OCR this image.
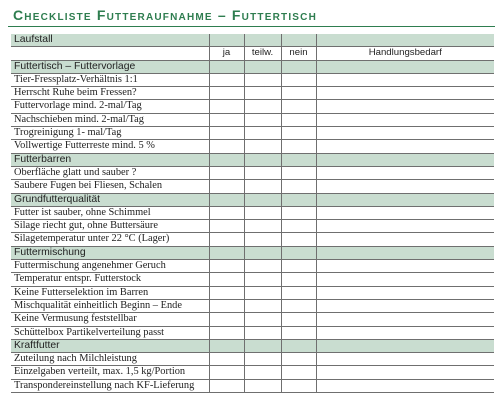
Checkliste Futteraufnahme – Futtertisch
Laufstall				
	ja	teilw.	nein	Handlungsbedarf
Futtertisch – Futtervorlage				
Tier-Fressplatz-Verhältnis 1:1				
Herrscht Ruhe beim Fressen?				
Futtervorlage mind. 2-mal/Tag				
Nachschieben mind. 2-mal/Tag				
Trogreinigung 1- mal/Tag				
Vollwertige Futterreste mind. 5 %				
Futterbarren				
Oberfläche glatt und sauber ?				
Saubere Fugen bei Fliesen, Schalen				
Grundfutterqualität				
Futter ist sauber, ohne Schimmel				
Silage riecht gut, ohne Buttersäure				
Silagetemperatur unter 22 °C (Lager)				
Futtermischung				
Futtermischung angenehmer Geruch				
Temperatur entspr. Futterstock				
Keine Futterselektion im Barren				
Mischqualität einheitlich Beginn – Ende				
Keine Vermusung feststellbar				
Schüttelbox Partikelverteilung passt				
Kraftfutter				
Zuteilung nach Milchleistung				
Einzelgaben verteilt, max. 1,5 kg/Portion				
Transpondereinstellung nach KF-Lieferung				
